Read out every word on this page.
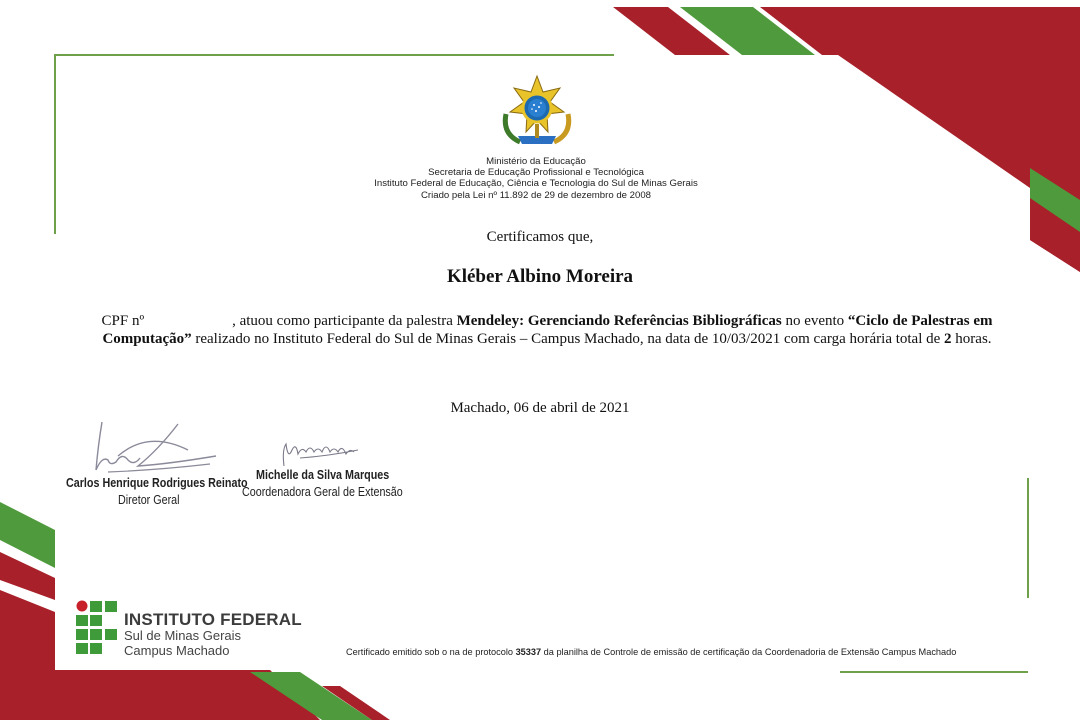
Ministério da Educação
Secretaria de Educação Profissional e Tecnológica
Instituto Federal de Educação, Ciência e Tecnologia do Sul de Minas Gerais
Criado pela Lei nº 11.892 de 29 de dezembro de 2008
Certificamos que,
Kléber Albino Moreira
CPF nº	, atuou como participante da palestra Mendeley: Gerenciando Referências Bibliográficas no evento “Ciclo de Palestras em Computação” realizado no Instituto Federal do Sul de Minas Gerais – Campus Machado, na data de 10/03/2021 com carga horária total de 2 horas.
Machado, 06 de abril de 2021
Carlos Henrique Rodrigues Reinato
Diretor Geral
Michelle da Silva Marques
Coordenadora Geral de Extensão
INSTITUTO FEDERAL
Sul de Minas Gerais
Campus Machado	Certificado emitido sob o na de protocolo 35337 da planilha de Controle de emissão de certificação da Coordenadoria de Extensão Campus Machado
